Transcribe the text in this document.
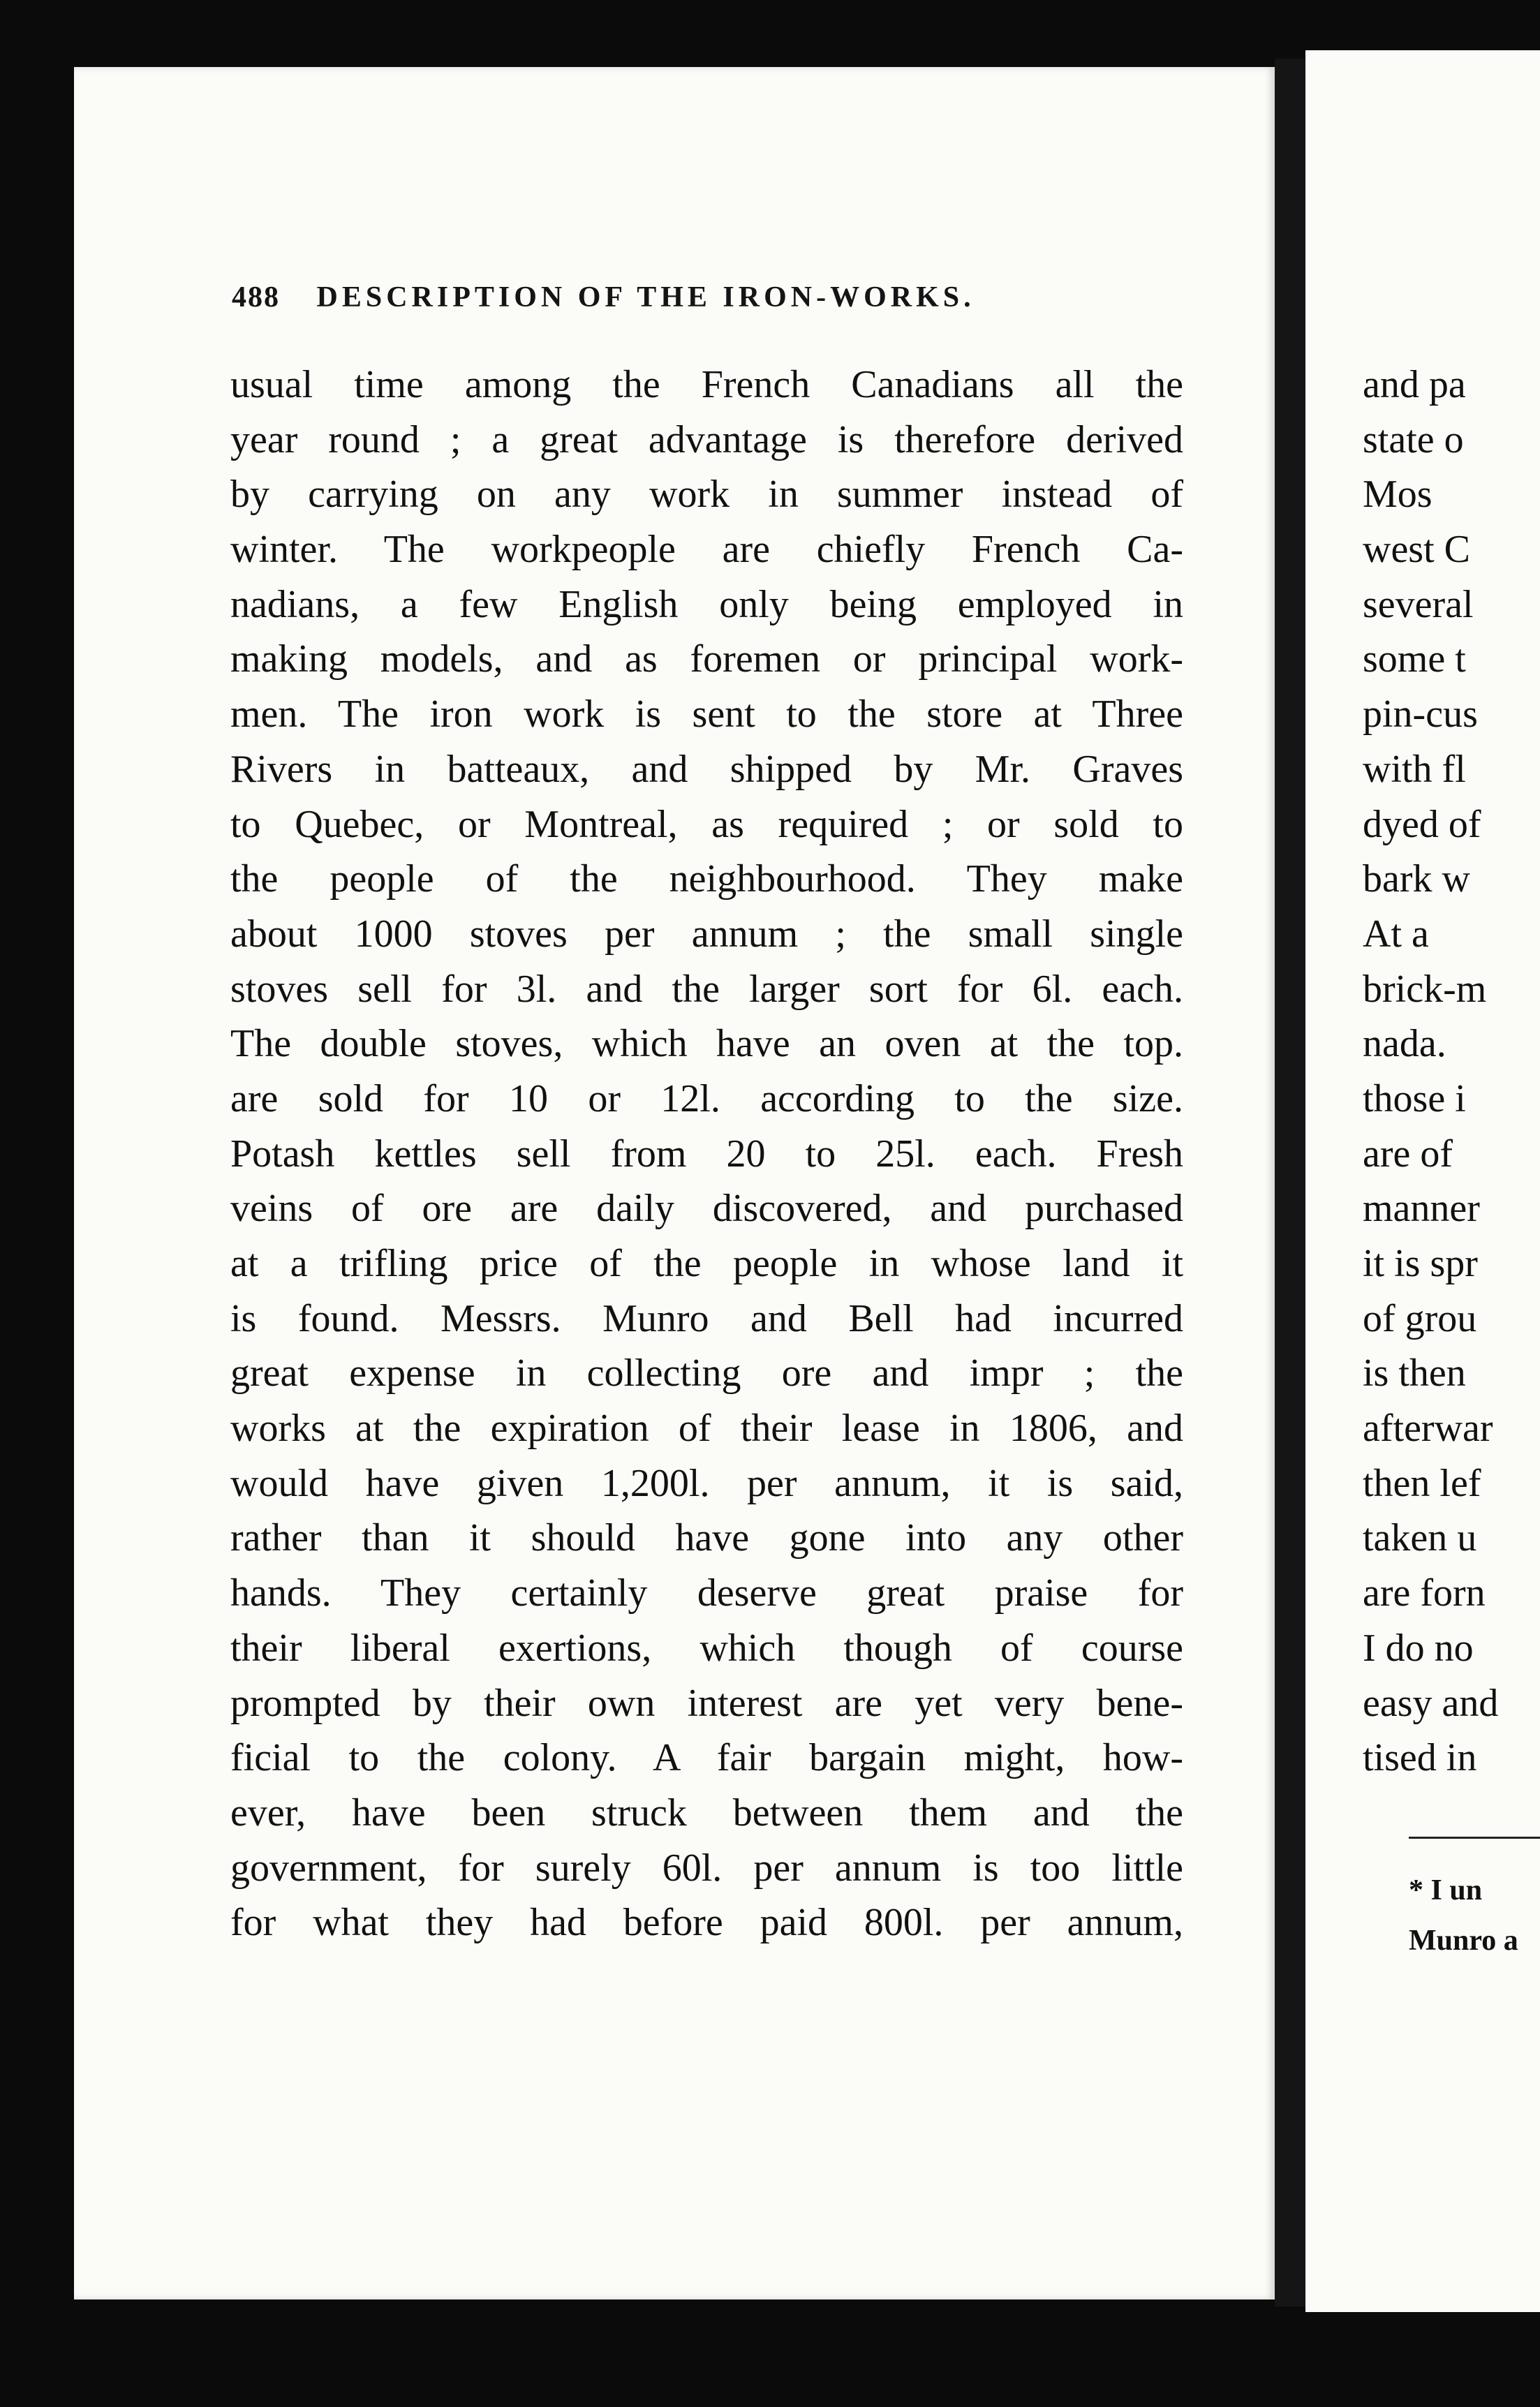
and pa
state o
Mos
west C
several
some t
pin-cus
with fl
dyed of
bark w
At a
brick-m
nada.
those i
are of
manner
it is spr
of grou
is then
afterwar
then lef
taken u
are forn
I do no
easy and
tised in
* I un
Munro a
488 DESCRIPTION OF THE IRON-WORKS.
usual time among the French Canadians all the
year round ; a great advantage is therefore derived
by carrying on any work in summer instead of
winter. The workpeople are chiefly French Ca-
nadians, a few English only being employed in
making models, and as foremen or principal work-
men. The iron work is sent to the store at Three
Rivers in batteaux, and shipped by Mr. Graves
to Quebec, or Montreal, as required ; or sold to
the people of the neighbourhood. They make
about 1000 stoves per annum ; the small single
stoves sell for 3l. and the larger sort for 6l. each.
The double stoves, which have an oven at the top.
are sold for 10 or 12l. according to the size.
Potash kettles sell from 20 to 25l. each. Fresh
veins of ore are daily discovered, and purchased
at a trifling price of the people in whose land it
is found. Messrs. Munro and Bell had incurred
great expense in collecting ore and impr ; the
works at the expiration of their lease in 1806, and
would have given 1,200l. per annum, it is said,
rather than it should have gone into any other
hands. They certainly deserve great praise for
their liberal exertions, which though of course
prompted by their own interest are yet very bene-
ficial to the colony. A fair bargain might, how-
ever, have been struck between them and the
government, for surely 60l. per annum is too little
for what they had before paid 800l. per annum,
